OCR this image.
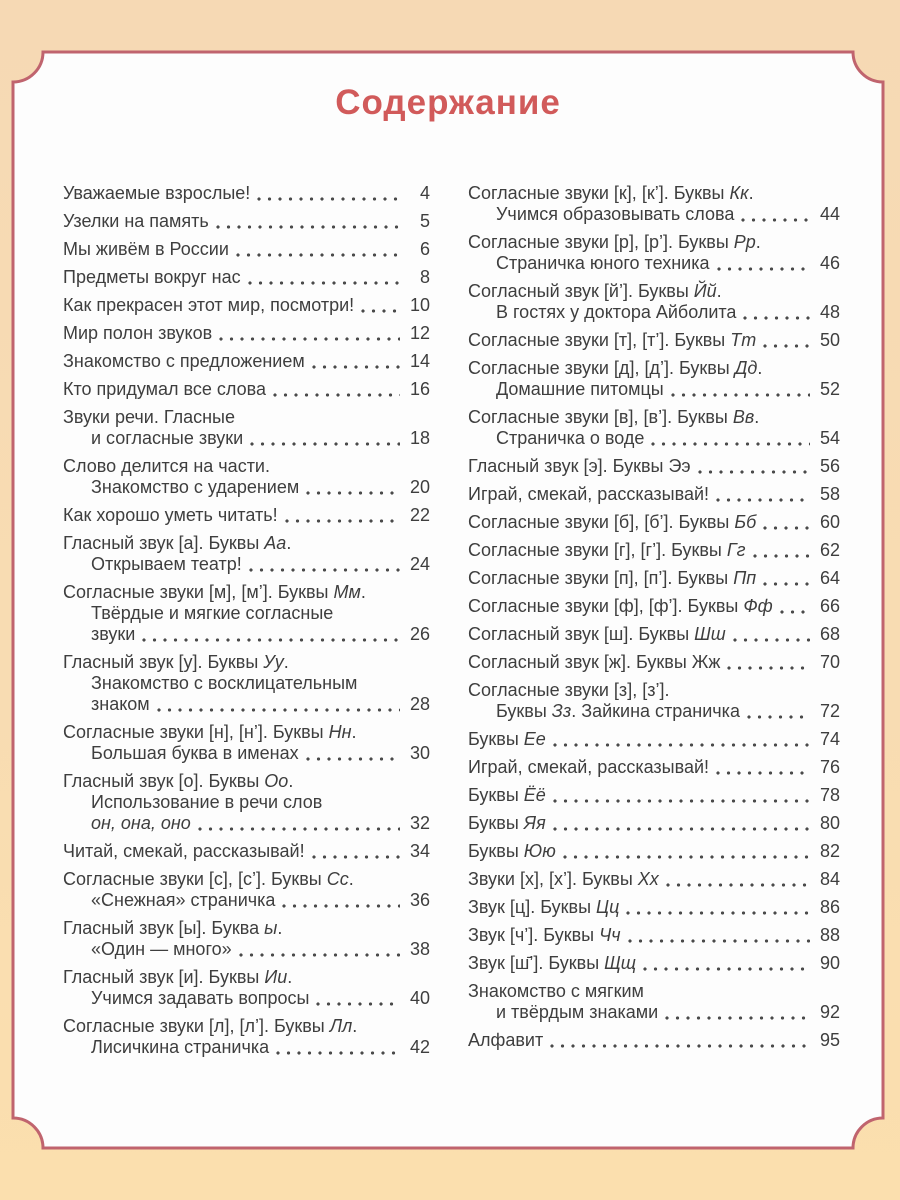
Содержание
Уважаемые взрослые!	4
Узелки на память	5
Мы живём в России	6
Предметы вокруг нас	8
Как прекрасен этот мир, посмотри!	10
Мир полон звуков	12
Знакомство с предложением	14
Кто придумал все слова	16
Звуки речи. Гласные
и согласные звуки	18
Слово делится на части.
Знакомство с ударением	20
Как хорошо уметь читать!	22
Гласный звук [а]. Буквы Аа.
Открываем театр!	24
Согласные звуки [м], [м’]. Буквы Мм.
Твёрдые и мягкие согласные
звуки	26
Гласный звук [у]. Буквы Уу.
Знакомство с восклицательным
знаком	28
Согласные звуки [н], [н’]. Буквы Нн.
Большая буква в именах	30
Гласный звук [о]. Буквы Оо.
Использование в речи слов
он, она, оно	32
Читай, смекай, рассказывай!	34
Согласные звуки [с], [с’]. Буквы Сс.
«Снежная» страничка	36
Гласный звук [ы]. Буква ы.
«Один — много»	38
Гласный звук [и]. Буквы Ии.
Учимся задавать вопросы	40
Согласные звуки [л], [л’]. Буквы Лл.
Лисичкина страничка	42
Согласные звуки [к], [к’]. Буквы Кк.
Учимся образовывать слова	44
Согласные звуки [р], [р’]. Буквы Рр.
Страничка юного техника	46
Согласный звук [й’]. Буквы Йй.
В гостях у доктора Айболита	48
Согласные звуки [т], [т’]. Буквы Тт	50
Согласные звуки [д], [д’]. Буквы Дд.
Домашние питомцы	52
Согласные звуки [в], [в’]. Буквы Вв.
Страничка о воде	54
Гласный звук [э]. Буквы Ээ	56
Играй, смекай, рассказывай!	58
Согласные звуки [б], [б’]. Буквы Бб	60
Согласные звуки [г], [г’]. Буквы Гг	62
Согласные звуки [п], [п’]. Буквы Пп	64
Согласные звуки [ф], [ф’]. Буквы Фф	66
Согласный звук [ш]. Буквы Шш	68
Согласный звук [ж]. Буквы Жж	70
Согласные звуки [з], [з’].
Буквы Зз. Зайкина страничка	72
Буквы Ее	74
Играй, смекай, рассказывай!	76
Буквы Ёё	78
Буквы Яя	80
Буквы Юю	82
Звуки [х], [х’]. Буквы Хх	84
Звук [ц]. Буквы Цц	86
Звук [ч’]. Буквы Чч	88
Звук [ш̄’]. Буквы Щщ	90
Знакомство с мягким
и твёрдым знаками	92
Алфавит	95
